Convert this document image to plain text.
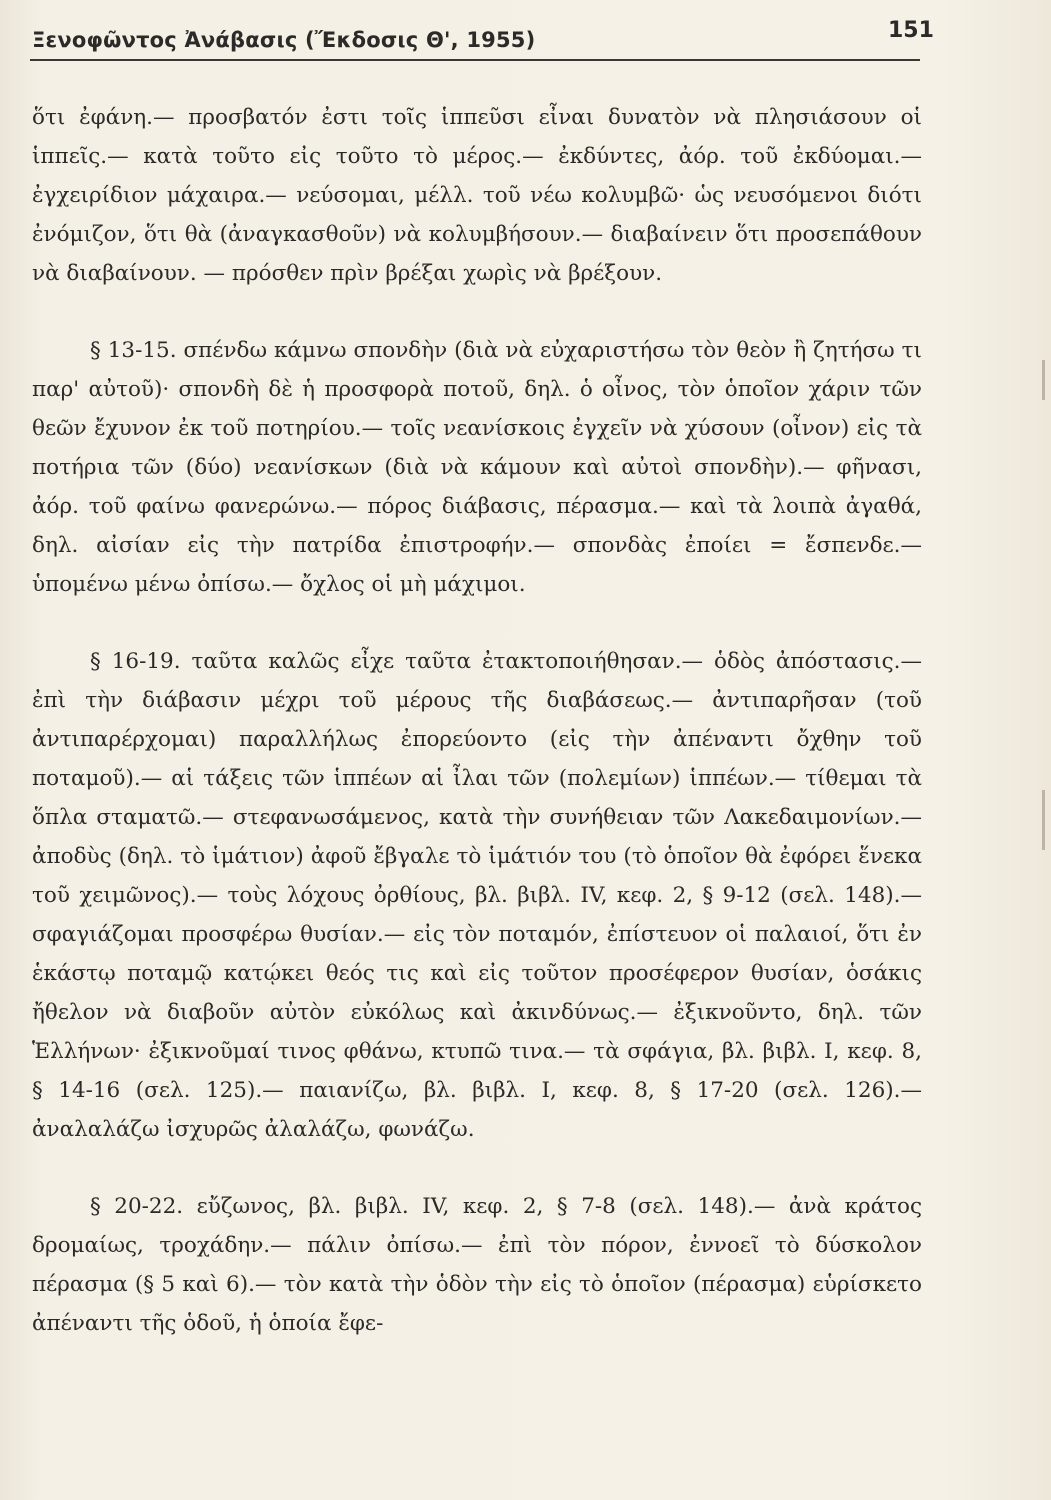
Ξενοφῶντος Ἀνάβασις (Ἔκδοσις Θ', 1955)	151

ὅτι ἐφάνη.— προσβατόν ἐστι τοῖς ἱππεῦσι εἶναι δυνατὸν νὰ πλησιάσουν οἱ ἱππεῖς.— κατὰ τοῦτο εἰς τοῦτο τὸ μέρος.— ἐκδύντες, ἀόρ. τοῦ ἐκδύομαι.— ἐγχειρίδιον μάχαιρα.— νεύσομαι, μέλλ. τοῦ νέω κολυμβῶ· ὡς νευσόμενοι διότι ἐνόμιζον, ὅτι θὰ (ἀναγκασθοῦν) νὰ κολυμβήσουν.— διαβαίνειν ὅτι προσεπάθουν νὰ διαβαίνουν. — πρόσθεν πρὶν βρέξαι χωρὶς νὰ βρέξουν.

§ 13-15. σπένδω κάμνω σπονδὴν (διὰ νὰ εὐχαριστήσω τὸν θεὸν ἢ ζητήσω τι παρ' αὐτοῦ)· σπονδὴ δὲ ἡ προσφορὰ ποτοῦ, δηλ. ὁ οἶνος, τὸν ὁποῖον χάριν τῶν θεῶν ἔχυνον ἐκ τοῦ ποτηρίου.— τοῖς νεανίσκοις ἐγχεῖν νὰ χύσουν (οἶνον) εἰς τὰ ποτήρια τῶν (δύο) νεανίσκων (διὰ νὰ κάμουν καὶ αὐτοὶ σπονδὴν).— φῆνασι, ἀόρ. τοῦ φαίνω φανερώνω.— πόρος διάβασις, πέρασμα.— καὶ τὰ λοιπὰ ἀγαθά, δηλ. αἰσίαν εἰς τὴν πατρίδα ἐπιστροφήν.— σπονδὰς ἐποίει = ἔσπενδε.— ὑπομένω μένω ὀπίσω.— ὄχλος οἱ μὴ μάχιμοι.

§ 16-19. ταῦτα καλῶς εἶχε ταῦτα ἐτακτοποιήθησαν.— ὁδὸς ἀπόστασις.— ἐπὶ τὴν διάβασιν μέχρι τοῦ μέρους τῆς διαβάσεως.— ἀντιπαρῆσαν (τοῦ ἀντιπαρέρχομαι) παραλλήλως ἐπορεύοντο (εἰς τὴν ἀπέναντι ὄχθην τοῦ ποταμοῦ).— αἱ τάξεις τῶν ἱππέων αἱ ἶλαι τῶν (πολεμίων) ἱππέων.— τίθεμαι τὰ ὅπλα σταματῶ.— στεφανωσάμενος, κατὰ τὴν συνήθειαν τῶν Λακεδαιμονίων.— ἀποδὺς (δηλ. τὸ ἱμάτιον) ἀφοῦ ἔβγαλε τὸ ἱμάτιόν του (τὸ ὁποῖον θὰ ἐφόρει ἕνεκα τοῦ χειμῶνος).— τοὺς λόχους ὀρθίους, βλ. βιβλ. IV, κεφ. 2, § 9-12 (σελ. 148).— σφαγιάζομαι προσφέρω θυσίαν.— εἰς τὸν ποταμόν, ἐπίστευον οἱ παλαιοί, ὅτι ἐν ἑκάστῳ ποταμῷ κατῴκει θεός τις καὶ εἰς τοῦτον προσέφερον θυσίαν, ὁσάκις ἤθελον νὰ διαβοῦν αὐτὸν εὐκόλως καὶ ἀκινδύνως.— ἐξικνοῦντο, δηλ. τῶν Ἑλλήνων· ἐξικνοῦμαί τινος φθάνω, κτυπῶ τινα.— τὰ σφάγια, βλ. βιβλ. I, κεφ. 8, § 14-16 (σελ. 125).— παιανίζω, βλ. βιβλ. I, κεφ. 8, § 17-20 (σελ. 126).— ἀναλαλάζω ἰσχυρῶς ἀλαλάζω, φωνάζω.

§ 20-22. εὔζωνος, βλ. βιβλ. IV, κεφ. 2, § 7-8 (σελ. 148).— ἀνὰ κράτος δρομαίως, τροχάδην.— πάλιν ὀπίσω.— ἐπὶ τὸν πόρον, ἐννοεῖ τὸ δύσκολον πέρασμα (§ 5 καὶ 6).— τὸν κατὰ τὴν ὁδὸν τὴν εἰς τὸ ὁποῖον (πέρασμα) εὑρίσκετο ἀπέναντι τῆς ὁδοῦ, ἡ ὁποία ἔφε-
